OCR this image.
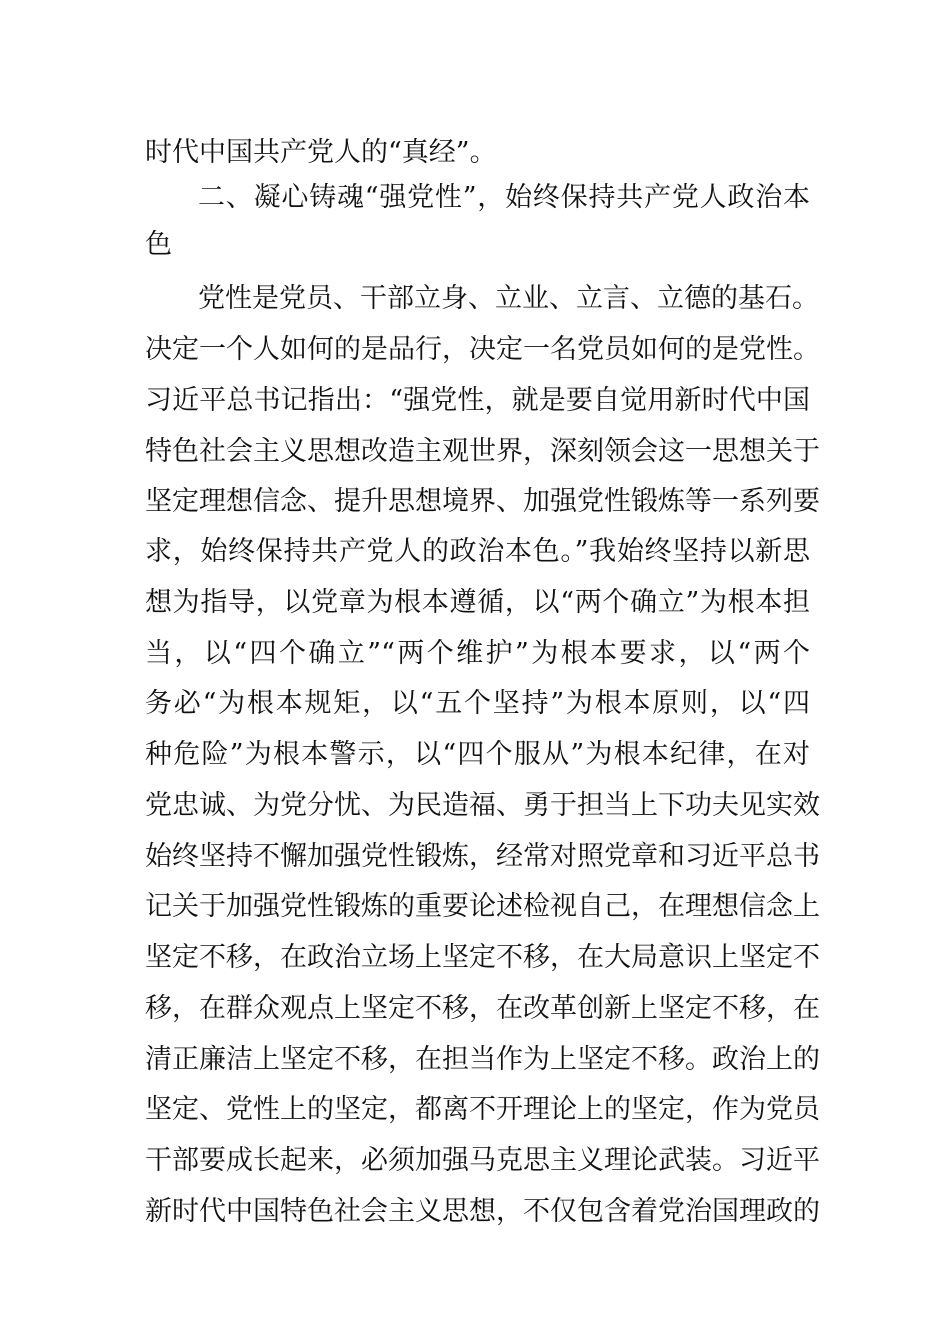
时代中国共产党人的“真经”。
二、凝心铸魂“强党性”，始终保持共产党人政治本
色
党性是党员、干部立身、立业、立言、立德的基石。
决定一个人如何的是品行，决定一名党员如何的是党性。
习近平总书记指出：“强党性，就是要自觉用新时代中国
特色社会主义思想改造主观世界，深刻领会这一思想关于
坚定理想信念、提升思想境界、加强党性锻炼等一系列要
求，始终保持共产党人的政治本色。”我始终坚持以新思
想为指导，以党章为根本遵循，以“两个确立”为根本担
当，以“四个确立”“两个维护”为根本要求，以“两个
务必“为根本规矩，以“五个坚持”为根本原则，以“四
种危险”为根本警示，以“四个服从”为根本纪律，在对
党忠诚、为党分忧、为民造福、勇于担当上下功夫见实效
始终坚持不懈加强党性锻炼，经常对照党章和习近平总书
记关于加强党性锻炼的重要论述检视自己，在理想信念上
坚定不移，在政治立场上坚定不移，在大局意识上坚定不
移，在群众观点上坚定不移，在改革创新上坚定不移，在
清正廉洁上坚定不移，在担当作为上坚定不移。政治上的
坚定、党性上的坚定，都离不开理论上的坚定，作为党员
干部要成长起来，必须加强马克思主义理论武装。习近平
新时代中国特色社会主义思想，不仅包含着党治国理政的
